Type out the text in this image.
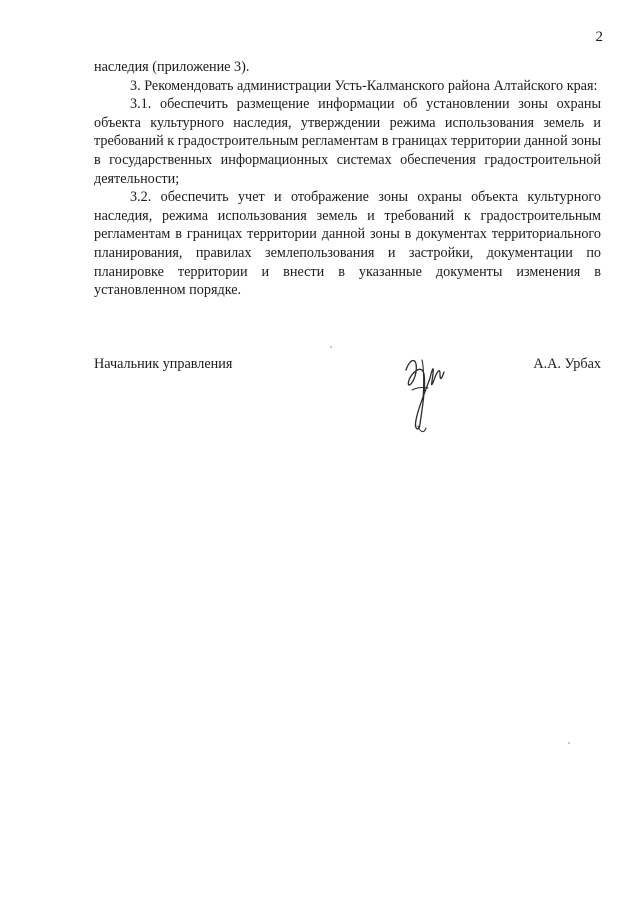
2

наследия (приложение 3).

3. Рекомендовать администрации Усть-Калманского района Алтайского края:

3.1. обеспечить размещение информации об установлении зоны охраны объекта культурного наследия, утверждении режима использования земель и требований к градостроительным регламентам в границах территории данной зоны в государственных информационных системах обеспечения градостроительной деятельности;

3.2. обеспечить учет и отображение зоны охраны объекта культурного наследия, режима использования земель и требований к градостроительным регламентам в границах территории данной зоны в документах территориального планирования, правилах землепользования и застройки, документации по планировке территории и внести в указанные документы изменения в установленном порядке.

Начальник управления	А.А. Урбах
